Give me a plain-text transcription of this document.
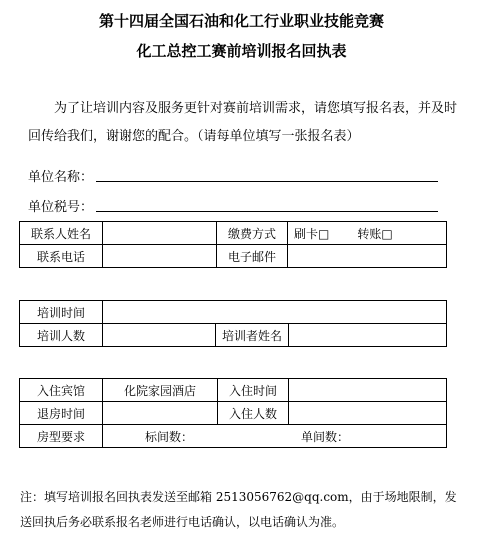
第十四届全国石油和化工行业职业技能竞赛
化工总控工赛前培训报名回执表
为了让培训内容及服务更针对赛前培训需求，请您填写报名表，并及时回传给我们，谢谢您的配合。（请每单位填写一张报名表）
单位名称：
单位税号：
联系人姓名		缴费方式	刷卡□ 转账□
联系电话		电子邮件	
培训时间			
培训人数		培训者姓名	
入住宾馆	化院家园酒店	入住时间	
退房时间		入住人数	
房型要求	标间数： 单间数：		
注：填写培训报名回执表发送至邮箱 2513056762@qq.com，由于场地限制，发送回执后务必联系报名老师进行电话确认，以电话确认为准。
